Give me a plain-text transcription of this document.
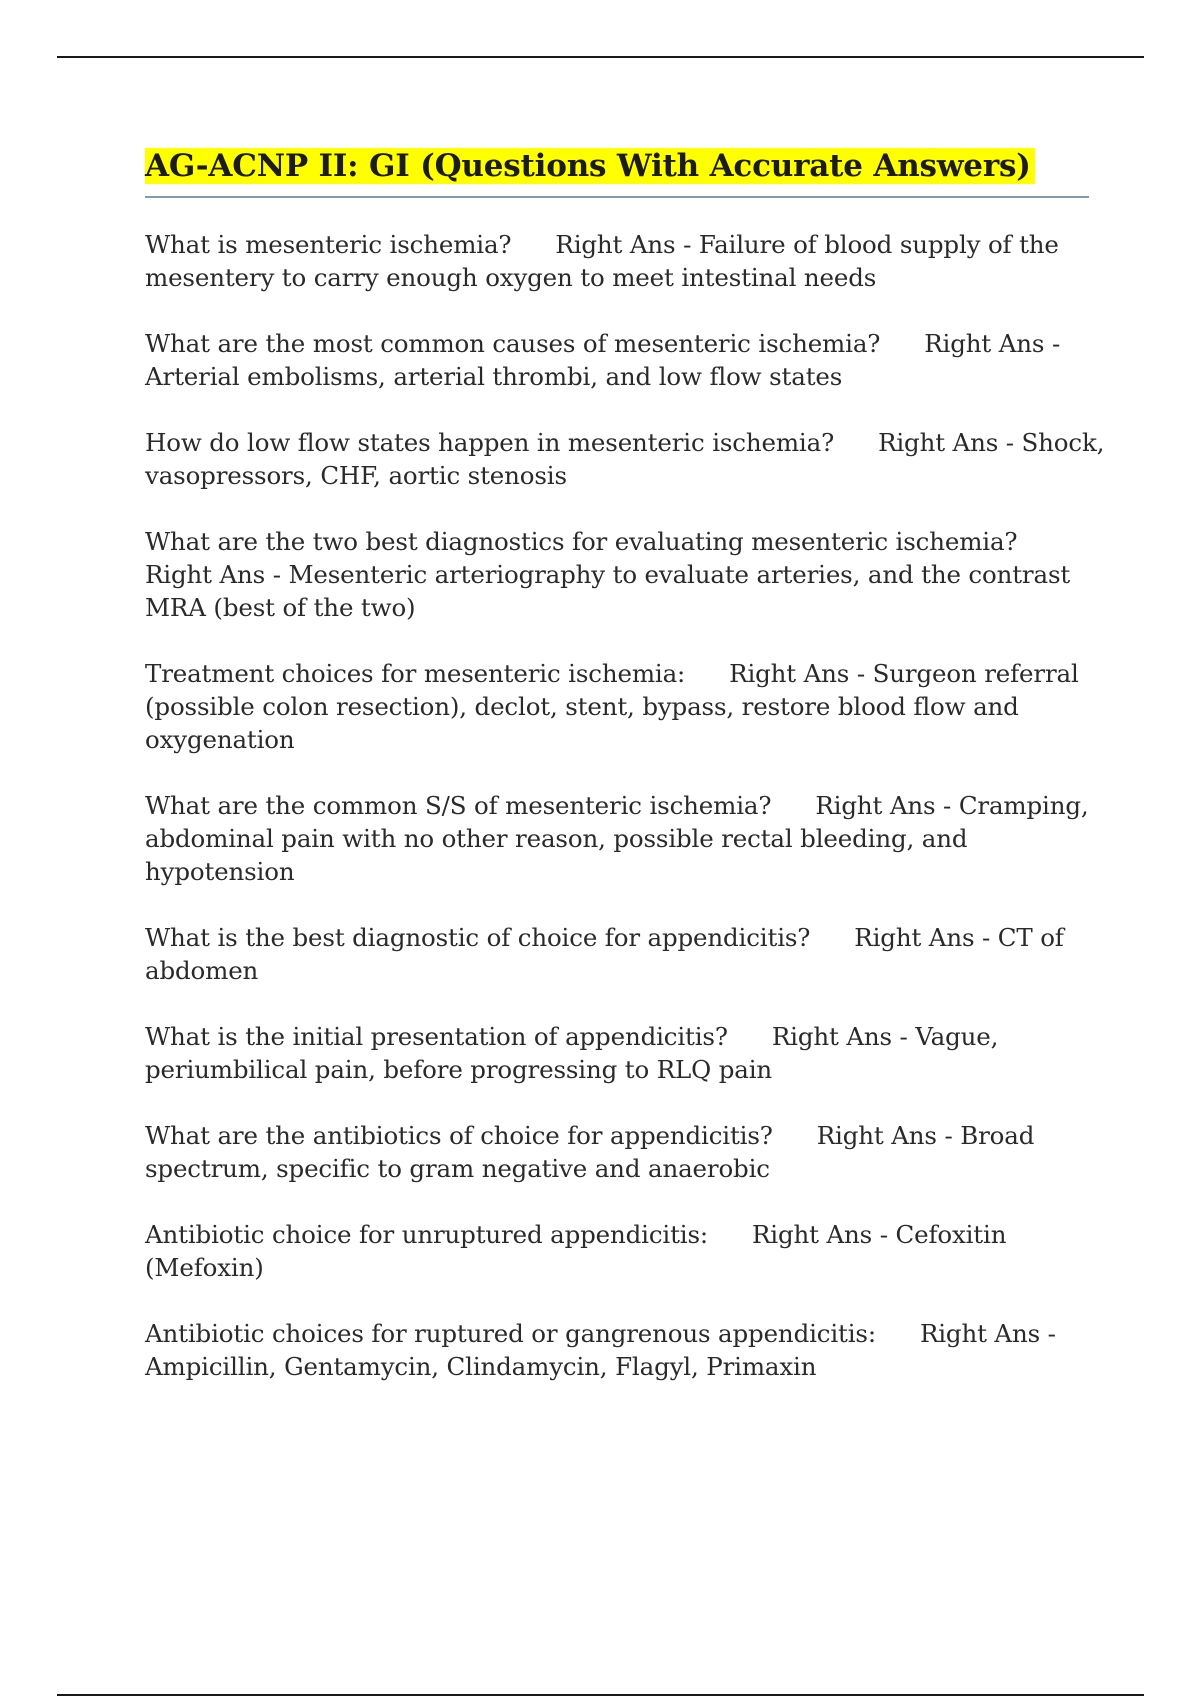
AG-ACNP II: GI (Questions With Accurate Answers)

What is mesenteric ischemia? Right Ans - Failure of blood supply of the mesentery to carry enough oxygen to meet intestinal needs

What are the most common causes of mesenteric ischemia? Right Ans - Arterial embolisms, arterial thrombi, and low flow states

How do low flow states happen in mesenteric ischemia? Right Ans - Shock, vasopressors, CHF, aortic stenosis

What are the two best diagnostics for evaluating mesenteric ischemia?Right Ans - Mesenteric arteriography to evaluate arteries, and the contrast MRA (best of the two)

Treatment choices for mesenteric ischemia: Right Ans - Surgeon referral (possible colon resection), declot, stent, bypass, restore blood flow and oxygenation

What are the common S/S of mesenteric ischemia? Right Ans - Cramping, abdominal pain with no other reason, possible rectal bleeding, and hypotension

What is the best diagnostic of choice for appendicitis? Right Ans - CT of abdomen

What is the initial presentation of appendicitis? Right Ans - Vague, periumbilical pain, before progressing to RLQ pain

What are the antibiotics of choice for appendicitis? Right Ans - Broad spectrum, specific to gram negative and anaerobic

Antibiotic choice for unruptured appendicitis: Right Ans - Cefoxitin (Mefoxin)

Antibiotic choices for ruptured or gangrenous appendicitis: Right Ans - Ampicillin, Gentamycin, Clindamycin, Flagyl, Primaxin
